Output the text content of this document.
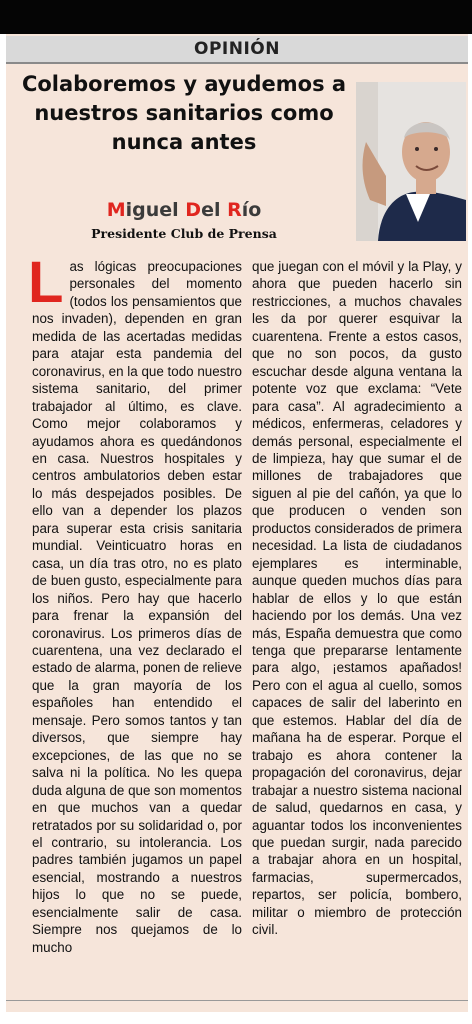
OPINIÓN
Colaboremos y ayudemos a nuestros sanitarios como nunca antes
Miguel Del Río
Presidente Club de Prensa
L as lógicas preocupaciones personales del momento (todos los pensamientos que nos invaden), dependen en gran medida de las acertadas medidas para atajar esta pandemia del coronavirus, en la que todo nuestro sistema sanitario, del primer trabajador al último, es clave. Como mejor colaboramos y ayudamos ahora es quedándonos en casa. Nuestros hospitales y centros ambulatorios deben estar lo más despejados posibles. De ello van a depender los plazos para superar esta crisis sanitaria mundial. Veinticuatro horas en casa, un día tras otro, no es plato de buen gusto, especialmente para los niños. Pero hay que hacerlo para frenar la expansión del coronavirus. Los primeros días de cuarentena, una vez declarado el estado de alarma, ponen de relieve que la gran mayoría de los españoles han entendido el mensaje. Pero somos tantos y tan diversos, que siempre hay excepciones, de las que no se salva ni la política. No les quepa duda alguna de que son momentos en que muchos van a quedar retratados por su solidaridad o, por el contrario, su intolerancia. Los padres también jugamos un papel esencial, mostrando a nuestros hijos lo que no se puede, esencialmente salir de casa. Siempre nos quejamos de lo mucho

que juegan con el móvil y la Play, y ahora que pueden hacerlo sin restricciones, a muchos chavales les da por querer esquivar la cuarentena. Frente a estos casos, que no son pocos, da gusto escuchar desde alguna ventana la potente voz que exclama: “Vete para casa”. Al agradecimiento a médicos, enfermeras, celadores y demás personal, especialmente el de limpieza, hay que sumar el de millones de trabajadores que siguen al pie del cañón, ya que lo que producen o venden son productos considerados de primera necesidad. La lista de ciudadanos ejemplares es interminable, aunque queden muchos días para hablar de ellos y lo que están haciendo por los demás. Una vez más, España demuestra que como tenga que prepararse lentamente para algo, ¡estamos apañados! Pero con el agua al cuello, somos capaces de salir del laberinto en que estemos. Hablar del día de mañana ha de esperar. Porque el trabajo es ahora contener la propagación del coronavirus, dejar trabajar a nuestro sistema nacional de salud, quedarnos en casa, y aguantar todos los inconvenientes que puedan surgir, nada parecido a trabajar ahora en un hospital, farmacias, supermercados, repartos, ser policía, bombero, militar o miembro de protección civil.
